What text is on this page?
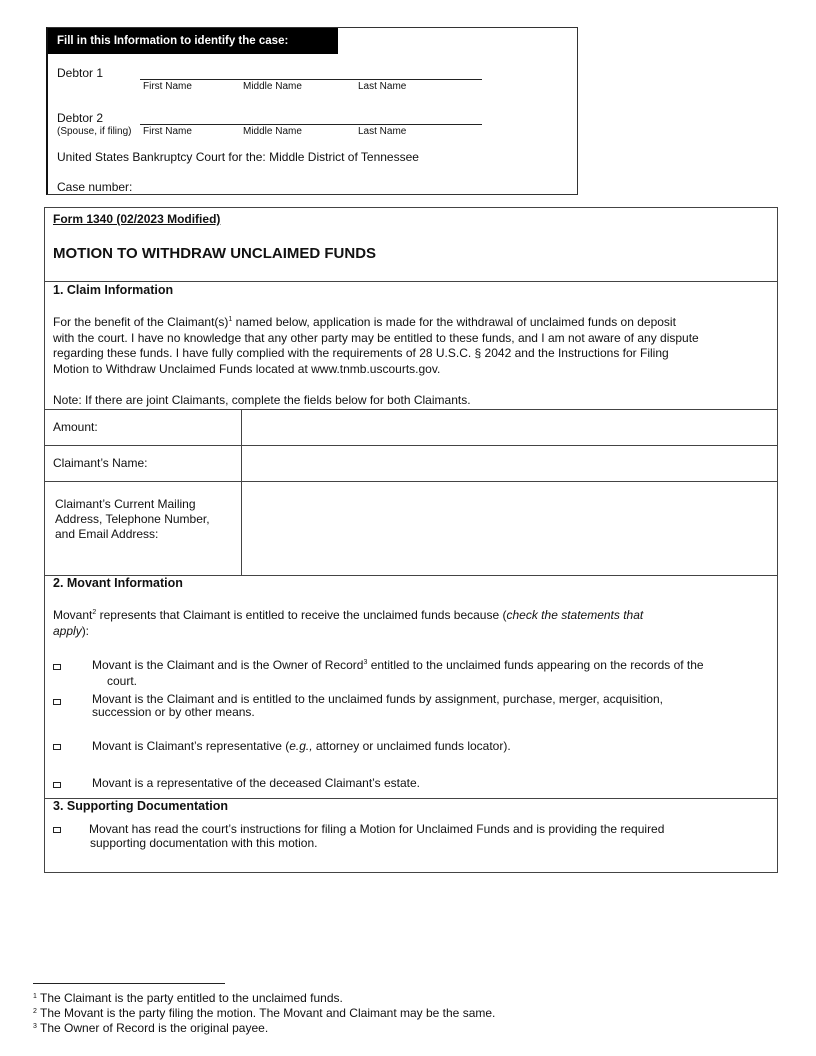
Fill in this Information to identify the case:
Debtor 1
First Name	Middle Name	Last Name
Debtor 2
(Spouse, if filing) First Name	Middle Name	Last Name
United States Bankruptcy Court for the: Middle District of Tennessee
Case number:
Form 1340 (02/2023 Modified)
MOTION TO WITHDRAW UNCLAIMED FUNDS
1. Claim Information
For the benefit of the $Claimant(s)^1$ named below, application is made for the withdrawal of unclaimed funds on deposit
with the court. I have no knowledge that any other party may be entitled to these funds, and I am not aware of any dispute
regarding these funds. I have fully complied with the requirements of 28 U.S.C. § 2042 and the Instructions for Filing
Motion to Withdraw Unclaimed Funds located at www.tnmb.uscourts.gov.
Note: If there are joint Claimants, complete the fields below for both Claimants.
Amount:
Claimant’s Name:
Claimant’s Current Mailing
Address, Telephone Number,
and Email Address:
2. Movant Information
Movant$^2$ represents that Claimant is entitled to receive the unclaimed funds because (check the statements that
apply):
Movant is the Claimant and is the Owner of Record$^3$ entitled to the unclaimed funds appearing on the records of the
court.
Movant is the Claimant and is entitled to the unclaimed funds by assignment, purchase, merger, acquisition,
succession or by other means.
Movant is Claimant’s representative (e.g., attorney or unclaimed funds locator).
Movant is a representative of the deceased Claimant’s estate.
3. Supporting Documentation
Movant has read the court’s instructions for filing a Motion for Unclaimed Funds and is providing the required
supporting documentation with this motion.
$^1$ The Claimant is the party entitled to the unclaimed funds.
$^2$ The Movant is the party filing the motion. The Movant and Claimant may be the same.
$^3$ The Owner of Record is the original payee.
